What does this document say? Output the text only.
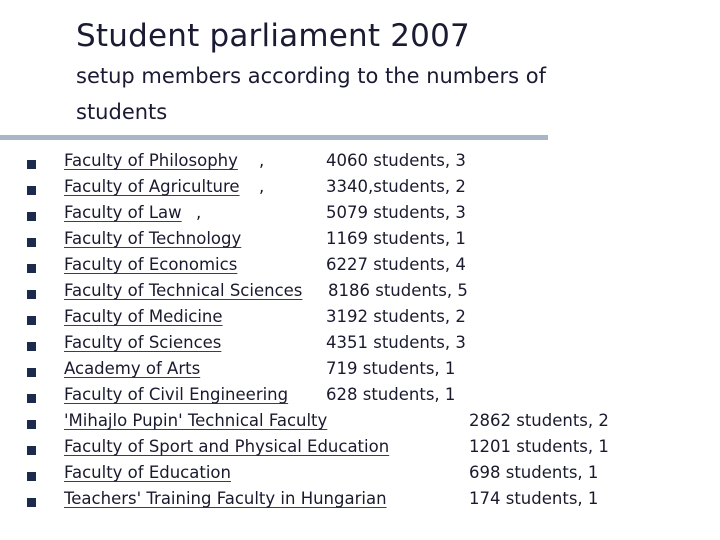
Student parliament 2007
setup members according to the numbers of students
Faculty of Philosophy ,	4060 students, 3
Faculty of Agriculture ,	3340,students, 2
Faculty of Law ,	5079 students, 3
Faculty of Technology	1169 students, 1
Faculty of Economics	6227 students, 4
Faculty of Technical Sciences 8186 students, 5
Faculty of Medicine	3192 students, 2
Faculty of Sciences	4351 students, 3
Academy of Arts	719 students, 1
Faculty of Civil Engineering 628 students, 1
'Mihajlo Pupin' Technical Faculty	2862 students, 2
Faculty of Sport and Physical Education	1201 students, 1
Faculty of Education	698 students, 1
Teachers' Training Faculty in Hungarian	174 students, 1
